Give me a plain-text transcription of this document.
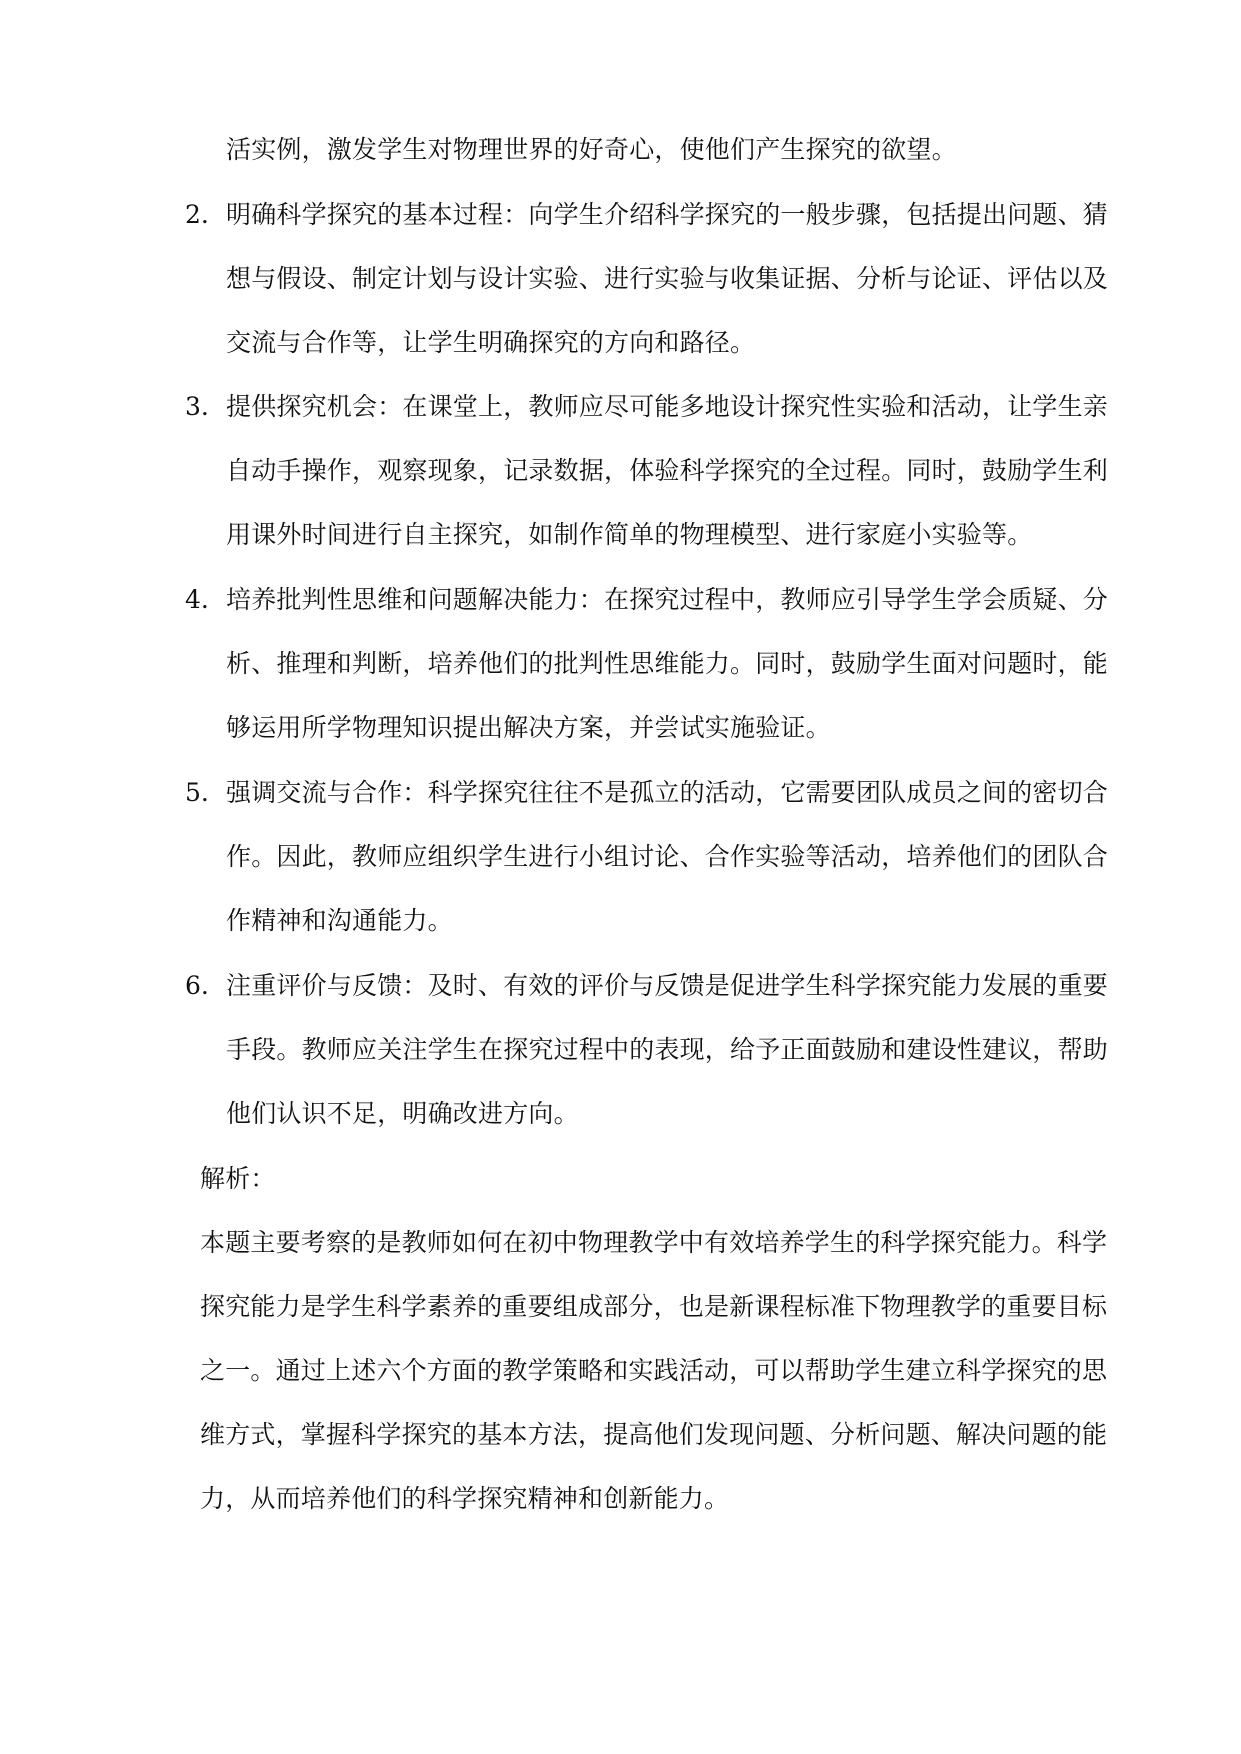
活实例，激发学生对物理世界的好奇心，使他们产生探究的欲望。
2. 明确科学探究的基本过程：向学生介绍科学探究的一般步骤，包括提出问题、猜
想与假设、制定计划与设计实验、进行实验与收集证据、分析与论证、评估以及
交流与合作等，让学生明确探究的方向和路径。
3. 提供探究机会：在课堂上，教师应尽可能多地设计探究性实验和活动，让学生亲
自动手操作，观察现象，记录数据，体验科学探究的全过程。同时，鼓励学生利
用课外时间进行自主探究，如制作简单的物理模型、进行家庭小实验等。
4. 培养批判性思维和问题解决能力：在探究过程中，教师应引导学生学会质疑、分
析、推理和判断，培养他们的批判性思维能力。同时，鼓励学生面对问题时，能
够运用所学物理知识提出解决方案，并尝试实施验证。
5. 强调交流与合作：科学探究往往不是孤立的活动，它需要团队成员之间的密切合
作。因此，教师应组织学生进行小组讨论、合作实验等活动，培养他们的团队合
作精神和沟通能力。
6. 注重评价与反馈：及时、有效的评价与反馈是促进学生科学探究能力发展的重要
手段。教师应关注学生在探究过程中的表现，给予正面鼓励和建设性建议，帮助
他们认识不足，明确改进方向。
解析：
本题主要考察的是教师如何在初中物理教学中有效培养学生的科学探究能力。科学
探究能力是学生科学素养的重要组成部分，也是新课程标准下物理教学的重要目标
之一。通过上述六个方面的教学策略和实践活动，可以帮助学生建立科学探究的思
维方式，掌握科学探究的基本方法，提高他们发现问题、分析问题、解决问题的能
力，从而培养他们的科学探究精神和创新能力。
